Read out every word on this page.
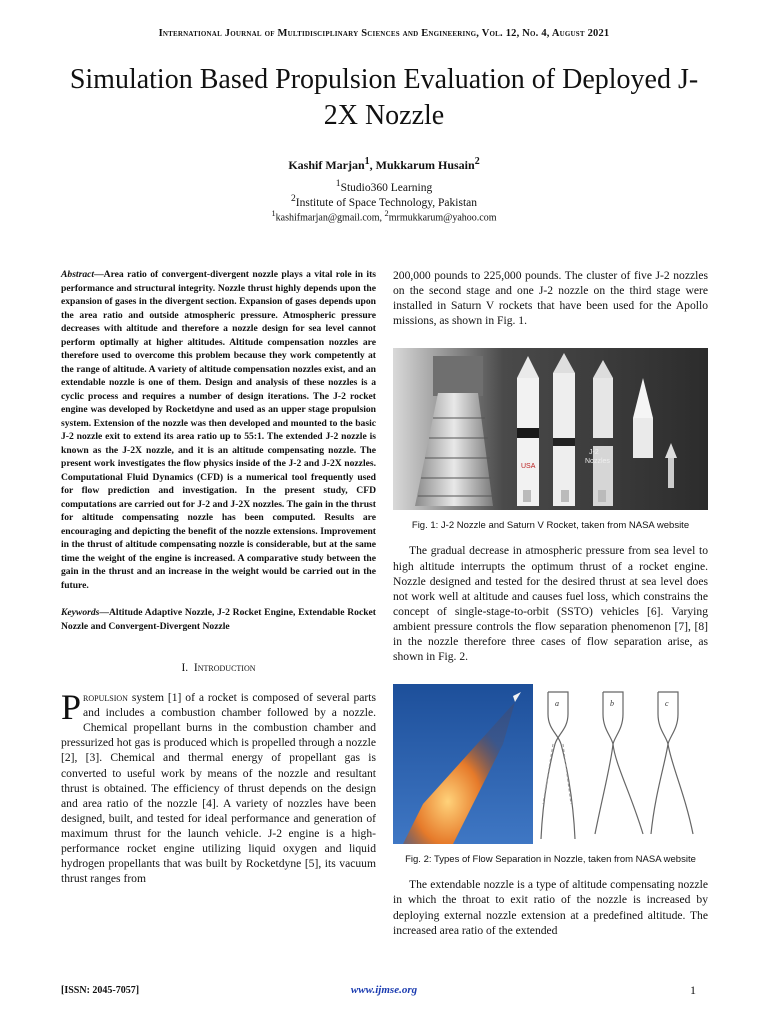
International Journal of Multidisciplinary Sciences and Engineering, Vol. 12, No. 4, August 2021
Simulation Based Propulsion Evaluation of Deployed J-2X Nozzle
Kashif Marjan$^1$, Mukkarum Husain$^2$
$^1$Studio360 Learning
$^2$Institute of Space Technology, Pakistan
$^1$kashifmarjan@gmail.com, $^2$mrmukkarum@yahoo.com

Abstract—Area ratio of convergent-divergent nozzle plays a vital role in its performance and structural integrity. Nozzle thrust highly depends upon the expansion of gases in the divergent section. Expansion of gases depends upon the area ratio and outside atmospheric pressure. Atmospheric pressure decreases with altitude and therefore a nozzle design for sea level cannot perform optimally at higher altitudes. Altitude compensation nozzles are therefore used to overcome this problem because they work competently at the range of altitude. A variety of altitude compensation nozzles exist, and an extendable nozzle is one of them. Design and analysis of these nozzles is a cyclic process and requires a number of design iterations. The J-2 rocket engine was developed by Rocketdyne and used as an upper stage propulsion system. Extension of the nozzle was then developed and mounted to the basic J-2 nozzle exit to extend its area ratio up to 55:1. The extended J-2 nozzle is known as the J-2X nozzle, and it is an altitude compensating nozzle. The present work investigates the flow physics inside of the J-2 and J-2X nozzles. Computational Fluid Dynamics (CFD) is a numerical tool frequently used for flow prediction and investigation. In the present study, CFD computations are carried out for J-2 and J-2X nozzles. The gain in the thrust for altitude compensating nozzle has been computed. Results are encouraging and depicting the benefit of the nozzle extensions. Improvement in the thrust of altitude compensating nozzle is considerable, but at the same time the weight of the engine is increased. A comparative study between the gain in the thrust and an increase in the weight would be carried out in the future.

Keywords—Altitude Adaptive Nozzle, J-2 Rocket Engine, Extendable Rocket Nozzle and Convergent-Divergent Nozzle

I. Introduction

Propulsion system [1] of a rocket is composed of several parts and includes a combustion chamber followed by a nozzle. Chemical propellant burns in the combustion chamber and pressurized hot gas is produced which is propelled through a nozzle [2], [3]. Chemical and thermal energy of propellant gas is converted to useful work by means of the nozzle and resultant thrust is obtained. The efficiency of thrust depends on the design and area ratio of the nozzle [4]. A variety of nozzles have been designed, built, and tested for ideal performance and generation of maximum thrust for the launch vehicle. J-2 engine is a high-performance rocket engine utilizing liquid oxygen and liquid hydrogen propellants that was built by Rocketdyne [5], its vacuum thrust ranges from

200,000 pounds to 225,000 pounds. The cluster of five J-2 nozzles on the second stage and one J-2 nozzle on the third stage were installed in Saturn V rockets that have been used for the Apollo missions, as shown in Fig. 1.

USA
J-2
Nozzles
Fig. 1: J-2 Nozzle and Saturn V Rocket, taken from NASA website

The gradual decrease in atmospheric pressure from sea level to high altitude interrupts the optimum thrust of a rocket engine. Nozzle designed and tested for the desired thrust at sea level does not work well at altitude and causes fuel loss, which constrains the concept of single-stage-to-orbit (SSTO) vehicles [6]. Varying ambient pressure controls the flow separation phenomenon [7], [8] in the nozzle therefore three cases of flow separation arise, as shown in Fig. 2.

a	b	c
Fig. 2: Types of Flow Separation in Nozzle, taken from NASA website

The extendable nozzle is a type of altitude compensating nozzle in which the throat to exit ratio of the nozzle is increased by deploying external nozzle extension at a predefined altitude. The increased area ratio of the extended

[ISSN: 2045-7057]	www.ijmse.org	1
